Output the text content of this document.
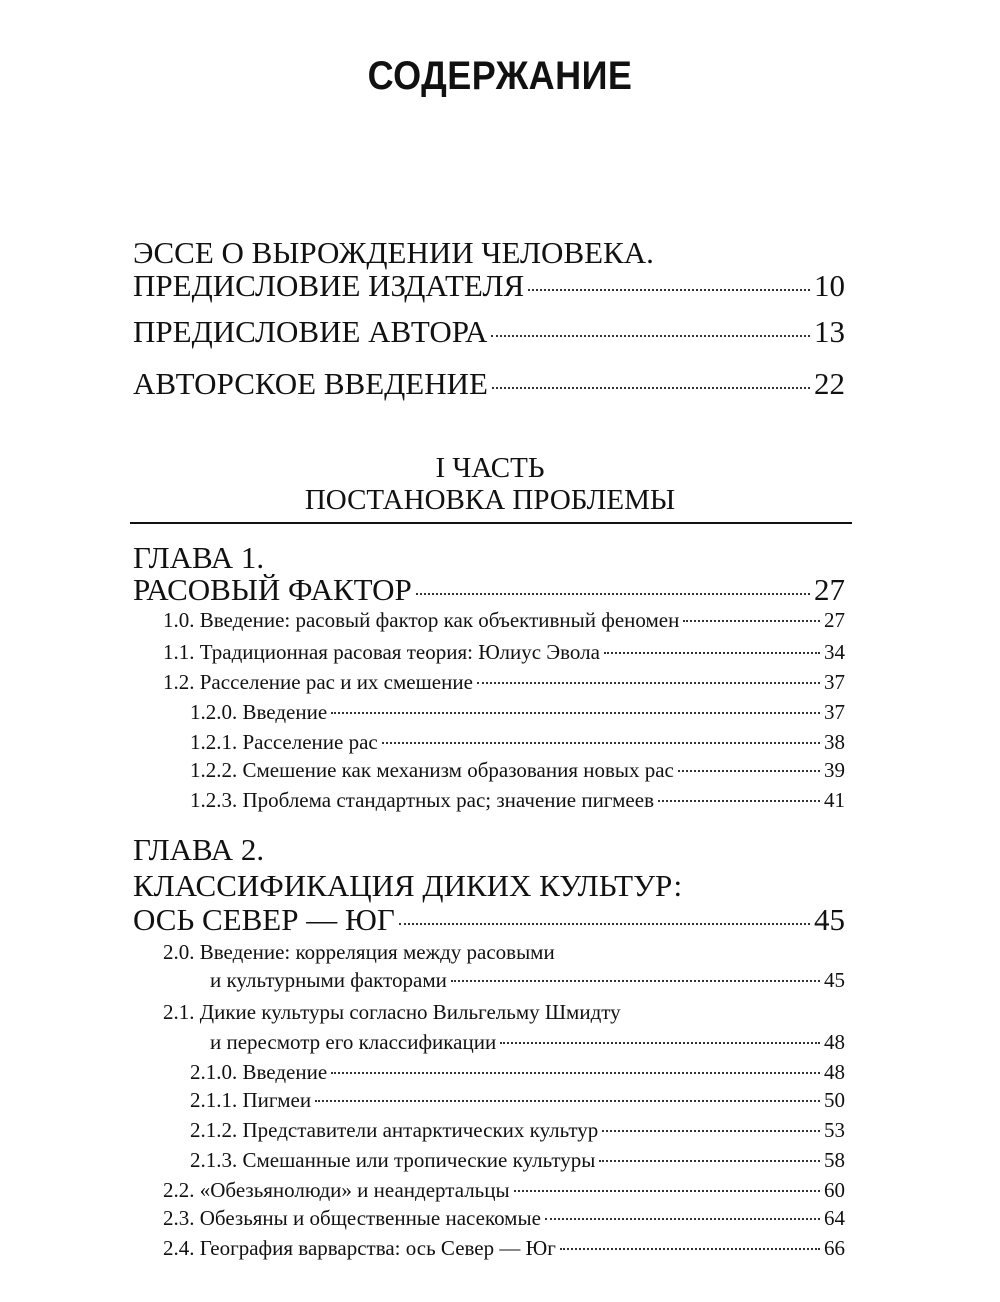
СОДЕРЖАНИЕ
ЭССЕ О ВЫРОЖДЕНИИ ЧЕЛОВЕКА.
ПРЕДИСЛОВИЕ ИЗДАТЕЛЯ	10
ПРЕДИСЛОВИЕ АВТОРА	13
АВТОРСКОЕ ВВЕДЕНИЕ	22
I ЧАСТЬ
ПОСТАНОВКА ПРОБЛЕМЫ
ГЛАВА 1.
РАСОВЫЙ ФАКТОР	27
1.0. Введение: расовый фактор как объективный феномен	27
1.1. Традиционная расовая теория: Юлиус Эвола	34
1.2. Расселение рас и их смешение	37
1.2.0. Введение	37
1.2.1. Расселение рас	38
1.2.2. Смешение как механизм образования новых рас	39
1.2.3. Проблема стандартных рас; значение пигмеев	41
ГЛАВА 2.
КЛАССИФИКАЦИЯ ДИКИХ КУЛЬТУР:
ОСЬ СЕВЕР — ЮГ	45
2.0. Введение: корреляция между расовыми
и культурными факторами	45
2.1. Дикие культуры согласно Вильгельму Шмидту
и пересмотр его классификации	48
2.1.0. Введение	48
2.1.1. Пигмеи	50
2.1.2. Представители антарктических культур	53
2.1.3. Смешанные или тропические культуры	58
2.2. «Обезьянолюди» и неандертальцы	60
2.3. Обезьяны и общественные насекомые	64
2.4. География варварства: ось Север — Юг	66
